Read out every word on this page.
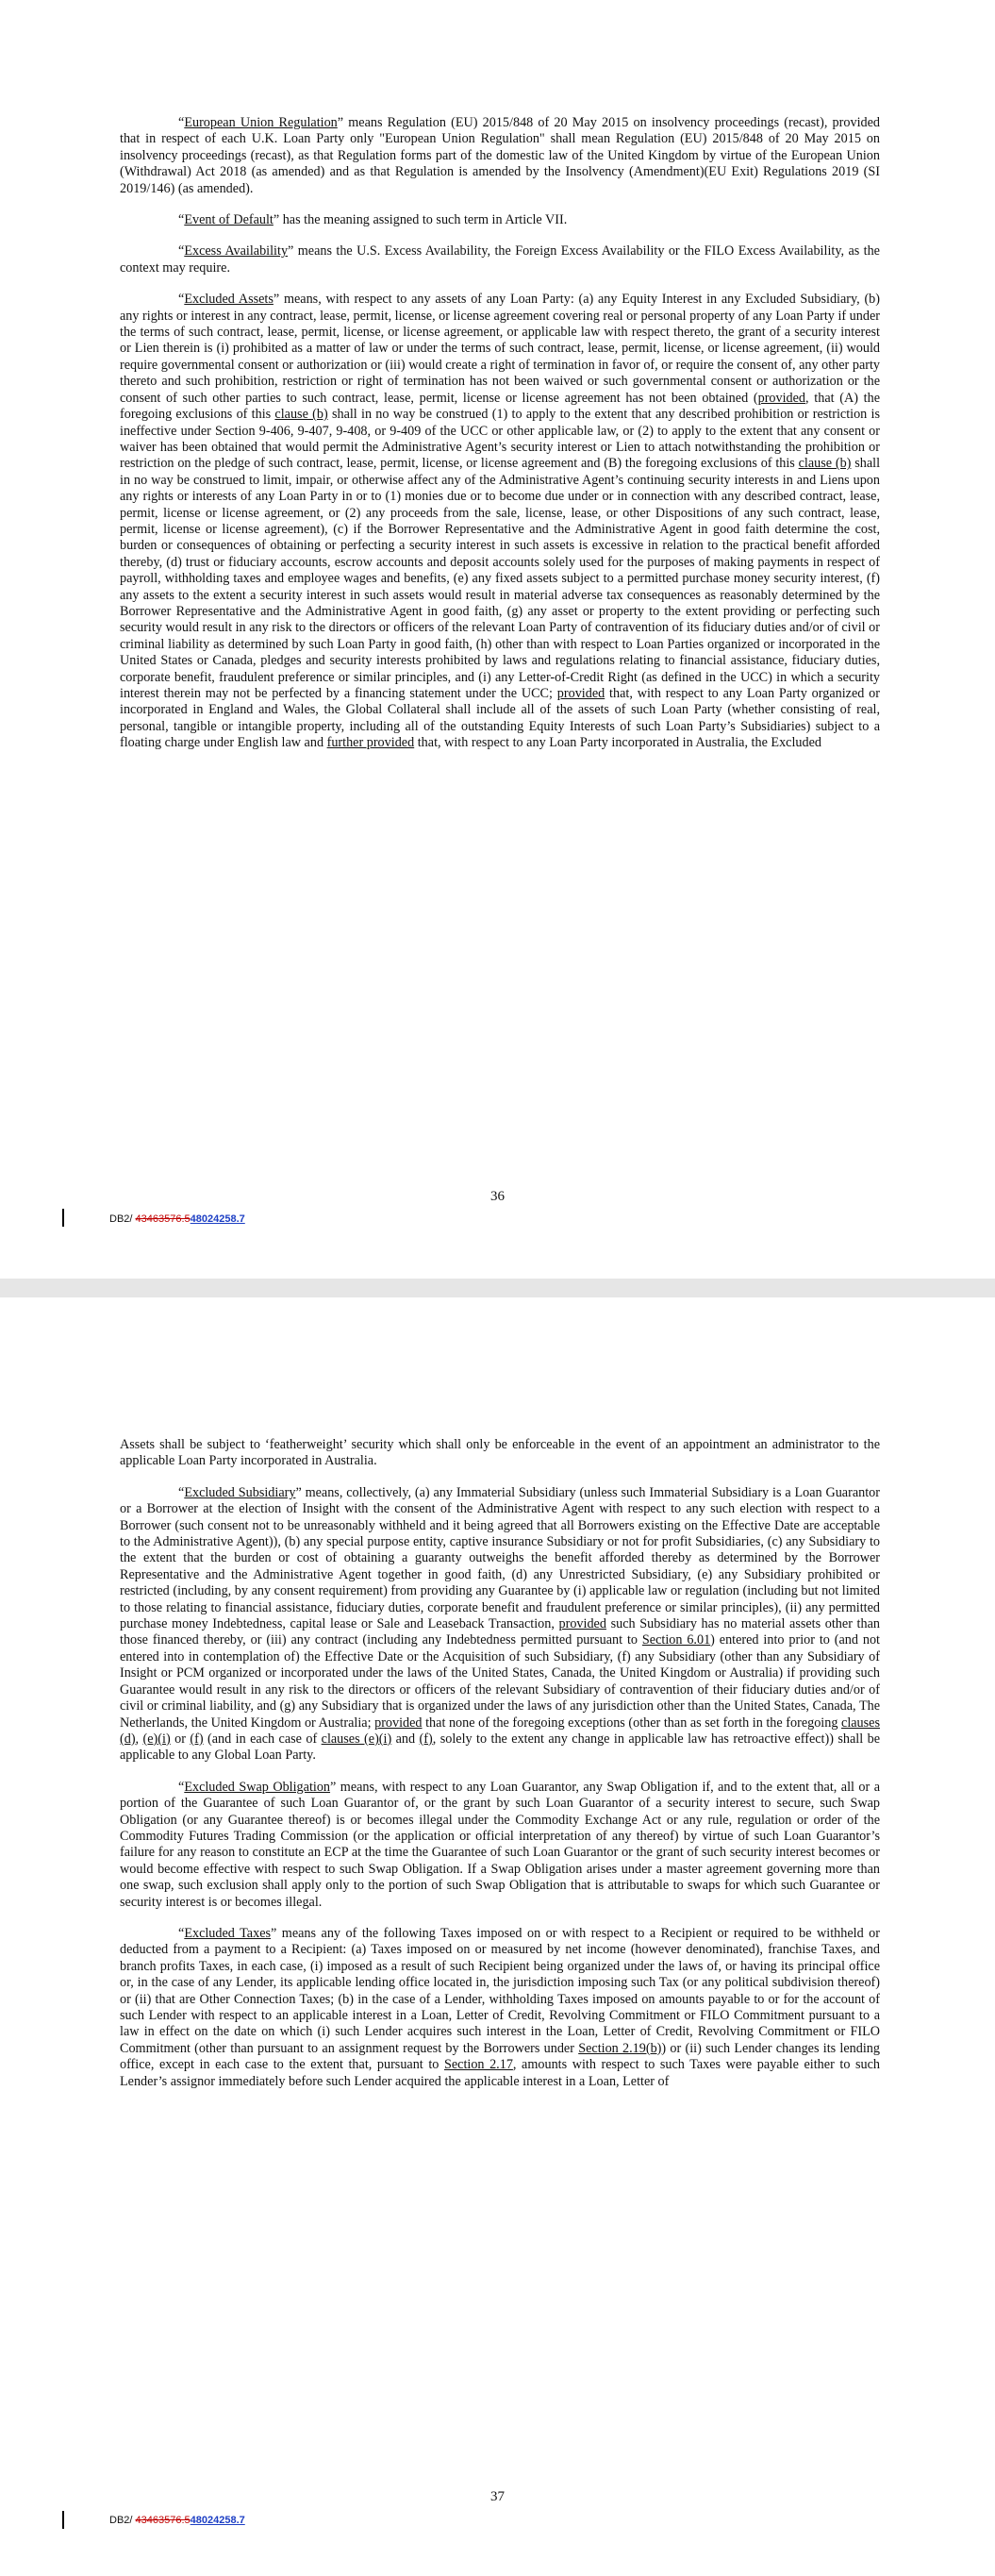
“European Union Regulation” means Regulation (EU) 2015/848 of 20 May 2015 on insolvency proceedings (recast), provided that in respect of each U.K. Loan Party only "European Union Regulation" shall mean Regulation (EU) 2015/848 of 20 May 2015 on insolvency proceedings (recast), as that Regulation forms part of the domestic law of the United Kingdom by virtue of the European Union (Withdrawal) Act 2018 (as amended) and as that Regulation is amended by the Insolvency (Amendment)(EU Exit) Regulations 2019 (SI 2019/146) (as amended).

“Event of Default” has the meaning assigned to such term in Article VII.

“Excess Availability” means the U.S. Excess Availability, the Foreign Excess Availability or the FILO Excess Availability, as the context may require.

“Excluded Assets” means, with respect to any assets of any Loan Party: (a) any Equity Interest in any Excluded Subsidiary, (b) any rights or interest in any contract, lease, permit, license, or license agreement covering real or personal property of any Loan Party if under the terms of such contract, lease, permit, license, or license agreement, or applicable law with respect thereto, the grant of a security interest or Lien therein is (i) prohibited as a matter of law or under the terms of such contract, lease, permit, license, or license agreement, (ii) would require governmental consent or authorization or (iii) would create a right of termination in favor of, or require the consent of, any other party thereto and such prohibition, restriction or right of termination has not been waived or such governmental consent or authorization or the consent of such other parties to such contract, lease, permit, license or license agreement has not been obtained (provided, that (A) the foregoing exclusions of this clause (b) shall in no way be construed (1) to apply to the extent that any described prohibition or restriction is ineffective under Section 9-406, 9-407, 9-408, or 9-409 of the UCC or other applicable law, or (2) to apply to the extent that any consent or waiver has been obtained that would permit the Administrative Agent’s security interest or Lien to attach notwithstanding the prohibition or restriction on the pledge of such contract, lease, permit, license, or license agreement and (B) the foregoing exclusions of this clause (b) shall in no way be construed to limit, impair, or otherwise affect any of the Administrative Agent’s continuing security interests in and Liens upon any rights or interests of any Loan Party in or to (1) monies due or to become due under or in connection with any described contract, lease, permit, license or license agreement, or (2) any proceeds from the sale, license, lease, or other Dispositions of any such contract, lease, permit, license or license agreement), (c) if the Borrower Representative and the Administrative Agent in good faith determine the cost, burden or consequences of obtaining or perfecting a security interest in such assets is excessive in relation to the practical benefit afforded thereby, (d) trust or fiduciary accounts, escrow accounts and deposit accounts solely used for the purposes of making payments in respect of payroll, withholding taxes and employee wages and benefits, (e) any fixed assets subject to a permitted purchase money security interest, (f) any assets to the extent a security interest in such assets would result in material adverse tax consequences as reasonably determined by the Borrower Representative and the Administrative Agent in good faith, (g) any asset or property to the extent providing or perfecting such security would result in any risk to the directors or officers of the relevant Loan Party of contravention of its fiduciary duties and/or of civil or criminal liability as determined by such Loan Party in good faith, (h) other than with respect to Loan Parties organized or incorporated in the United States or Canada, pledges and security interests prohibited by laws and regulations relating to financial assistance, fiduciary duties, corporate benefit, fraudulent preference or similar principles, and (i) any Letter-of-Credit Right (as defined in the UCC) in which a security interest therein may not be perfected by a financing statement under the UCC; provided that, with respect to any Loan Party organized or incorporated in England and Wales, the Global Collateral shall include all of the assets of such Loan Party (whether consisting of real, personal, tangible or intangible property, including all of the outstanding Equity Interests of such Loan Party’s Subsidiaries) subject to a floating charge under English law and further provided that, with respect to any Loan Party incorporated in Australia, the Excluded

36
DB2/ 43463576.548024258.7

Assets shall be subject to ‘featherweight’ security which shall only be enforceable in the event of an appointment an administrator to the applicable Loan Party incorporated in Australia.

“Excluded Subsidiary” means, collectively, (a) any Immaterial Subsidiary (unless such Immaterial Subsidiary is a Loan Guarantor or a Borrower at the election of Insight with the consent of the Administrative Agent with respect to any such election with respect to a Borrower (such consent not to be unreasonably withheld and it being agreed that all Borrowers existing on the Effective Date are acceptable to the Administrative Agent)), (b) any special purpose entity, captive insurance Subsidiary or not for profit Subsidiaries, (c) any Subsidiary to the extent that the burden or cost of obtaining a guaranty outweighs the benefit afforded thereby as determined by the Borrower Representative and the Administrative Agent together in good faith, (d) any Unrestricted Subsidiary, (e) any Subsidiary prohibited or restricted (including, by any consent requirement) from providing any Guarantee by (i) applicable law or regulation (including but not limited to those relating to financial assistance, fiduciary duties, corporate benefit and fraudulent preference or similar principles), (ii) any permitted purchase money Indebtedness, capital lease or Sale and Leaseback Transaction, provided such Subsidiary has no material assets other than those financed thereby, or (iii) any contract (including any Indebtedness permitted pursuant to Section 6.01) entered into prior to (and not entered into in contemplation of) the Effective Date or the Acquisition of such Subsidiary, (f) any Subsidiary (other than any Subsidiary of Insight or PCM organized or incorporated under the laws of the United States, Canada, the United Kingdom or Australia) if providing such Guarantee would result in any risk to the directors or officers of the relevant Subsidiary of contravention of their fiduciary duties and/or of civil or criminal liability, and (g) any Subsidiary that is organized under the laws of any jurisdiction other than the United States, Canada, The Netherlands, the United Kingdom or Australia; provided that none of the foregoing exceptions (other than as set forth in the foregoing clauses (d), (e)(i) or (f) (and in each case of clauses (e)(i) and (f), solely to the extent any change in applicable law has retroactive effect)) shall be applicable to any Global Loan Party.

“Excluded Swap Obligation” means, with respect to any Loan Guarantor, any Swap Obligation if, and to the extent that, all or a portion of the Guarantee of such Loan Guarantor of, or the grant by such Loan Guarantor of a security interest to secure, such Swap Obligation (or any Guarantee thereof) is or becomes illegal under the Commodity Exchange Act or any rule, regulation or order of the Commodity Futures Trading Commission (or the application or official interpretation of any thereof) by virtue of such Loan Guarantor’s failure for any reason to constitute an ECP at the time the Guarantee of such Loan Guarantor or the grant of such security interest becomes or would become effective with respect to such Swap Obligation. If a Swap Obligation arises under a master agreement governing more than one swap, such exclusion shall apply only to the portion of such Swap Obligation that is attributable to swaps for which such Guarantee or security interest is or becomes illegal.

“Excluded Taxes” means any of the following Taxes imposed on or with respect to a Recipient or required to be withheld or deducted from a payment to a Recipient: (a) Taxes imposed on or measured by net income (however denominated), franchise Taxes, and branch profits Taxes, in each case, (i) imposed as a result of such Recipient being organized under the laws of, or having its principal office or, in the case of any Lender, its applicable lending office located in, the jurisdiction imposing such Tax (or any political subdivision thereof) or (ii) that are Other Connection Taxes; (b) in the case of a Lender, withholding Taxes imposed on amounts payable to or for the account of such Lender with respect to an applicable interest in a Loan, Letter of Credit, Revolving Commitment or FILO Commitment pursuant to a law in effect on the date on which (i) such Lender acquires such interest in the Loan, Letter of Credit, Revolving Commitment or FILO Commitment (other than pursuant to an assignment request by the Borrowers under Section 2.19(b)) or (ii) such Lender changes its lending office, except in each case to the extent that, pursuant to Section 2.17, amounts with respect to such Taxes were payable either to such Lender’s assignor immediately before such Lender acquired the applicable interest in a Loan, Letter of

37
DB2/ 43463576.548024258.7
